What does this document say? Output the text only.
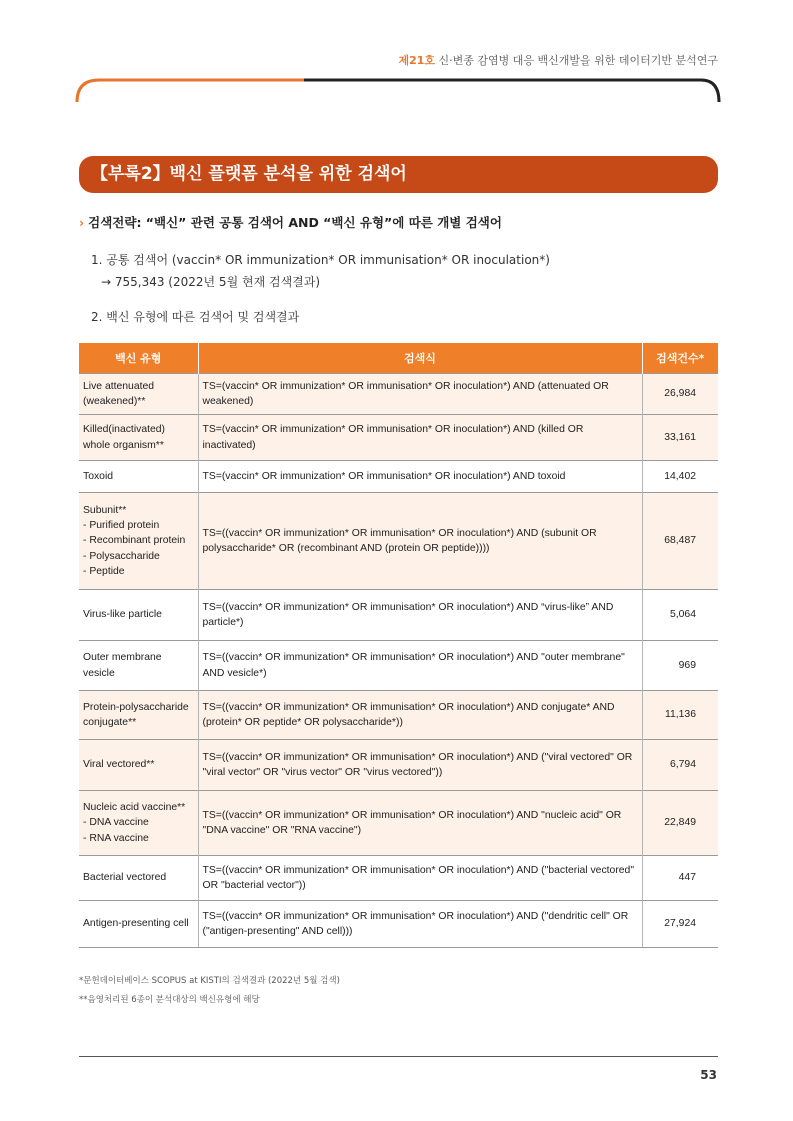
제21호 신·변종 감염병 대응 백신개발을 위한 데이터기반 분석연구
【부록2】백신 플랫폼 분석을 위한 검색어
› 검색전략: “백신” 관련 공통 검색어 AND “백신 유형”에 따른 개별 검색어
1. 공통 검색어 (vaccin* OR immunization* OR immunisation* OR inoculation*)
→ 755,343 (2022년 5월 현재 검색결과)
2. 백신 유형에 따른 검색어 및 검색결과
백신 유형	검색식	검색건수*
Live attenuated
(weakened)**	TS=(vaccin* OR immunization* OR immunisation* OR inoculation*) AND (attenuated OR weakened)	26,984
Killed(inactivated)
whole organism**	TS=(vaccin* OR immunization* OR immunisation* OR inoculation*) AND (killed OR inactivated)	33,161
Toxoid	TS=(vaccin* OR immunization* OR immunisation* OR inoculation*) AND toxoid	14,402
Subunit**
- Purified protein
- Recombinant protein
- Polysaccharide
- Peptide	TS=((vaccin* OR immunization* OR immunisation* OR inoculation*) AND (subunit OR polysaccharide* OR (recombinant AND (protein OR peptide))))	68,487
Virus-like particle	TS=((vaccin* OR immunization* OR immunisation* OR inoculation*) AND “virus-like” AND particle*)	5,064
Outer membrane
vesicle	TS=((vaccin* OR immunization* OR immunisation* OR inoculation*) AND "outer membrane" AND vesicle*)	969
Protein-polysaccharide
conjugate**	TS=((vaccin* OR immunization* OR immunisation* OR inoculation*) AND conjugate* AND (protein* OR peptide* OR polysaccharide*))	11,136
Viral vectored**	TS=((vaccin* OR immunization* OR immunisation* OR inoculation*) AND ("viral vectored" OR "viral vector" OR "virus vector" OR "virus vectored"))	6,794
Nucleic acid vaccine**
- DNA vaccine
- RNA vaccine	TS=((vaccin* OR immunization* OR immunisation* OR inoculation*) AND "nucleic acid" OR "DNA vaccine" OR "RNA vaccine")	22,849
Bacterial vectored	TS=((vaccin* OR immunization* OR immunisation* OR inoculation*) AND ("bacterial vectored" OR "bacterial vector"))	447
Antigen-presenting cell	TS=((vaccin* OR immunization* OR immunisation* OR inoculation*) AND ("dendritic cell" OR ("antigen-presenting" AND cell)))	27,924
*문헌데이터베이스 SCOPUS at KISTI의 검색결과 (2022년 5월 검색)
**음영처리된 6종이 분석대상의 백신유형에 해당
53
